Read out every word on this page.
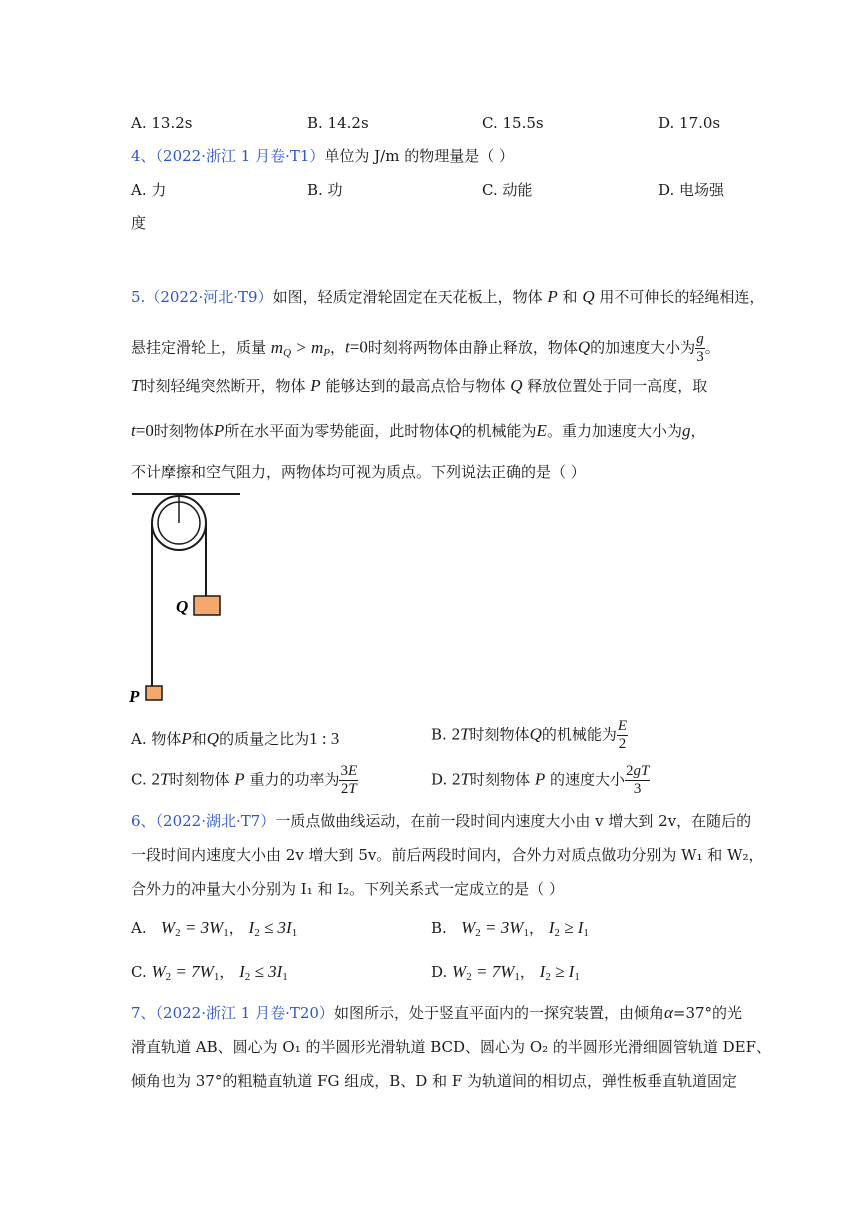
A. 13.2s	B. 14.2s	C. 15.5s	D. 17.0s
4、（2022·浙江 1 月卷·T1）单位为 J/m 的物理量是（ ）
A. 力	B. 功	C. 动能	D. 电场强
度
5.（2022·河北·T9）如图，轻质定滑轮固定在天花板上，物体 P 和 Q 用不可伸长的轻绳相连，
悬挂定滑轮上，质量 $m_Q > m_P$，t=0时刻将两物体由静止释放，物体Q的加速度大小为 $\frac{g}{3}$ 。
T时刻轻绳突然断开，物体 P 能够达到的最高点恰与物体 Q 释放位置处于同一高度，取
t=0时刻物体P所在水平面为零势能面，此时物体Q的机械能为E。重力加速度大小为g，
不计摩擦和空气阻力，两物体均可视为质点。下列说法正确的是（ ）
Q
P
A. 物体P和Q的质量之比为1 : 3	B. 2T时刻物体Q的机械能为 $\frac{E}{2}$
C. 2T时刻物体 P 重力的功率为 $\frac{3E}{2T}$	D. 2T时刻物体 P 的速度大小 $\frac{2gT}{3}$
6、（2022·湖北·T7）一质点做曲线运动，在前一段时间内速度大小由 v 增大到 2v，在随后的
一段时间内速度大小由 2v 增大到 5v。前后两段时间内，合外力对质点做功分别为 W₁ 和 W₂，
合外力的冲量大小分别为 I₁ 和 I₂。下列关系式一定成立的是（ ）
A. W2 = 3W1， I2 ≤ 3I1	B. W2 = 3W1， I2 ≥ I1
C. W2 = 7W1， I2 ≤ 3I1	D. W2 = 7W1， I2 ≥ I1
7、（2022·浙江 1 月卷·T20）如图所示，处于竖直平面内的一探究装置，由倾角α=37°的光
滑直轨道 AB、圆心为 O₁ 的半圆形光滑轨道 BCD、圆心为 O₂ 的半圆形光滑细圆管轨道 DEF、
倾角也为 37°的粗糙直轨道 FG 组成，B、D 和 F 为轨道间的相切点，弹性板垂直轨道固定
